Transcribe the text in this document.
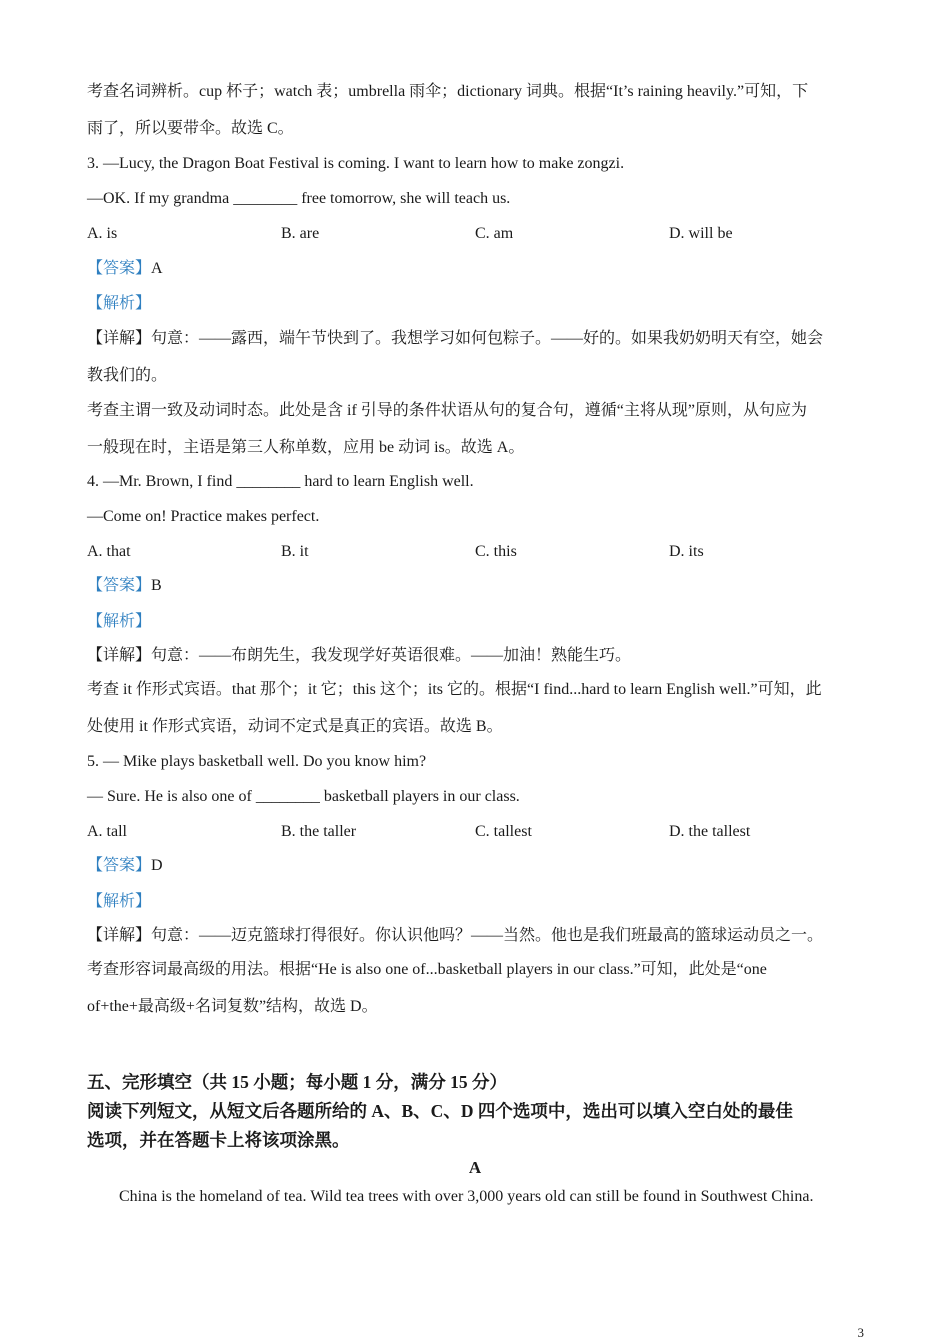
考查名词辨析。cup 杯子；watch 表；umbrella 雨伞；dictionary 词典。根据“It’s raining heavily.”可知，下
雨了，所以要带伞。故选 C。
3. —Lucy, the Dragon Boat Festival is coming. I want to learn how to make zongzi.
—OK. If my grandma ________ free tomorrow, she will teach us.
A. is	B. are	C. am	D. will be
【答案】A
【解析】
【详解】句意：——露西，端午节快到了。我想学习如何包粽子。——好的。如果我奶奶明天有空，她会
教我们的。
考查主谓一致及动词时态。此处是含 if 引导的条件状语从句的复合句，遵循“主将从现”原则，从句应为
一般现在时，主语是第三人称单数，应用 be 动词 is。故选 A。
4. —Mr. Brown, I find ________ hard to learn English well.
—Come on! Practice makes perfect.
A. that	B. it	C. this	D. its
【答案】B
【解析】
【详解】句意：——布朗先生，我发现学好英语很难。——加油！熟能生巧。
考查 it 作形式宾语。that 那个；it 它；this 这个；its 它的。根据“I find...hard to learn English well.”可知，此
处使用 it 作形式宾语，动词不定式是真正的宾语。故选 B。
5. — Mike plays basketball well. Do you know him?
— Sure. He is also one of ________ basketball players in our class.
A. tall	B. the taller	C. tallest	D. the tallest
【答案】D
【解析】
【详解】句意：——迈克篮球打得很好。你认识他吗？——当然。他也是我们班最高的篮球运动员之一。
考查形容词最高级的用法。根据“He is also one of...basketball players in our class.”可知，此处是“one
of+the+最高级+名词复数”结构，故选 D。
五、完形填空（共 15 小题；每小题 1 分，满分 15 分）
阅读下列短文，从短文后各题所给的 A、B、C、D 四个选项中，选出可以填入空白处的最佳
选项，并在答题卡上将该项涂黑。
A
China is the homeland of tea. Wild tea trees with over 3,000 years old can still be found in Southwest China.
3
